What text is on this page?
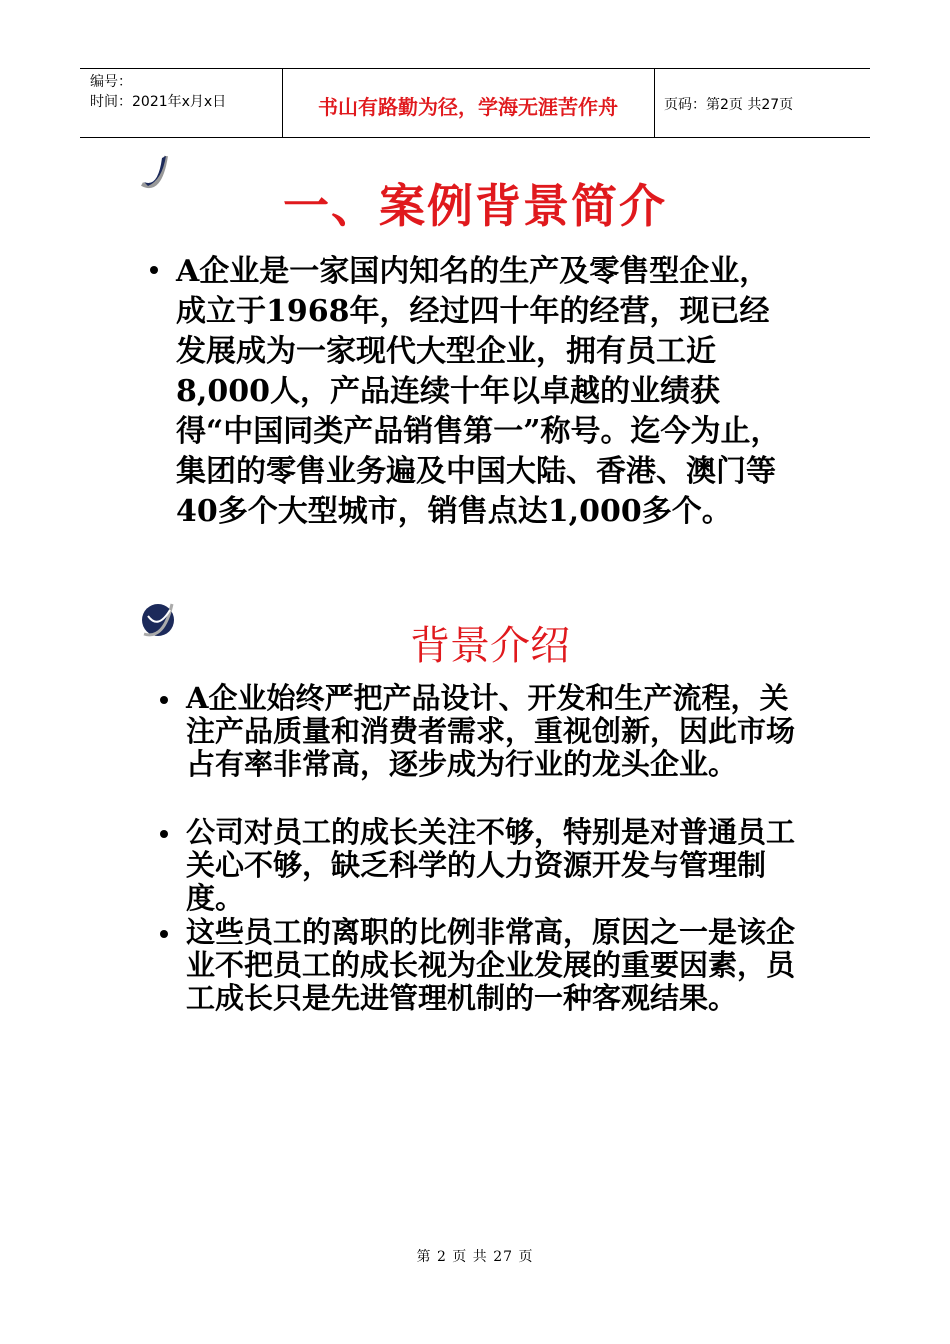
编号：
时间：2021年x月x日	书山有路勤为径，学海无涯苦作舟	页码：第2页 共27页
一、案例背景简介
A企业是一家国内知名的生产及零售型企业，成立于1968年，经过四十年的经营，现已经发展成为一家现代大型企业，拥有员工近8,000人，产品连续十年以卓越的业绩获得“中国同类产品销售第一”称号。迄今为止，集团的零售业务遍及中国大陆、香港、澳门等40多个大型城市，销售点达1,000多个。
背景介绍
A企业始终严把产品设计、开发和生产流程，关注产品质量和消费者需求，重视创新，因此市场占有率非常高，逐步成为行业的龙头企业。
公司对员工的成长关注不够，特别是对普通员工关心不够，缺乏科学的人力资源开发与管理制度。
这些员工的离职的比例非常高，原因之一是该企业不把员工的成长视为企业发展的重要因素，员工成长只是先进管理机制的一种客观结果。
第 2 页 共 27 页
